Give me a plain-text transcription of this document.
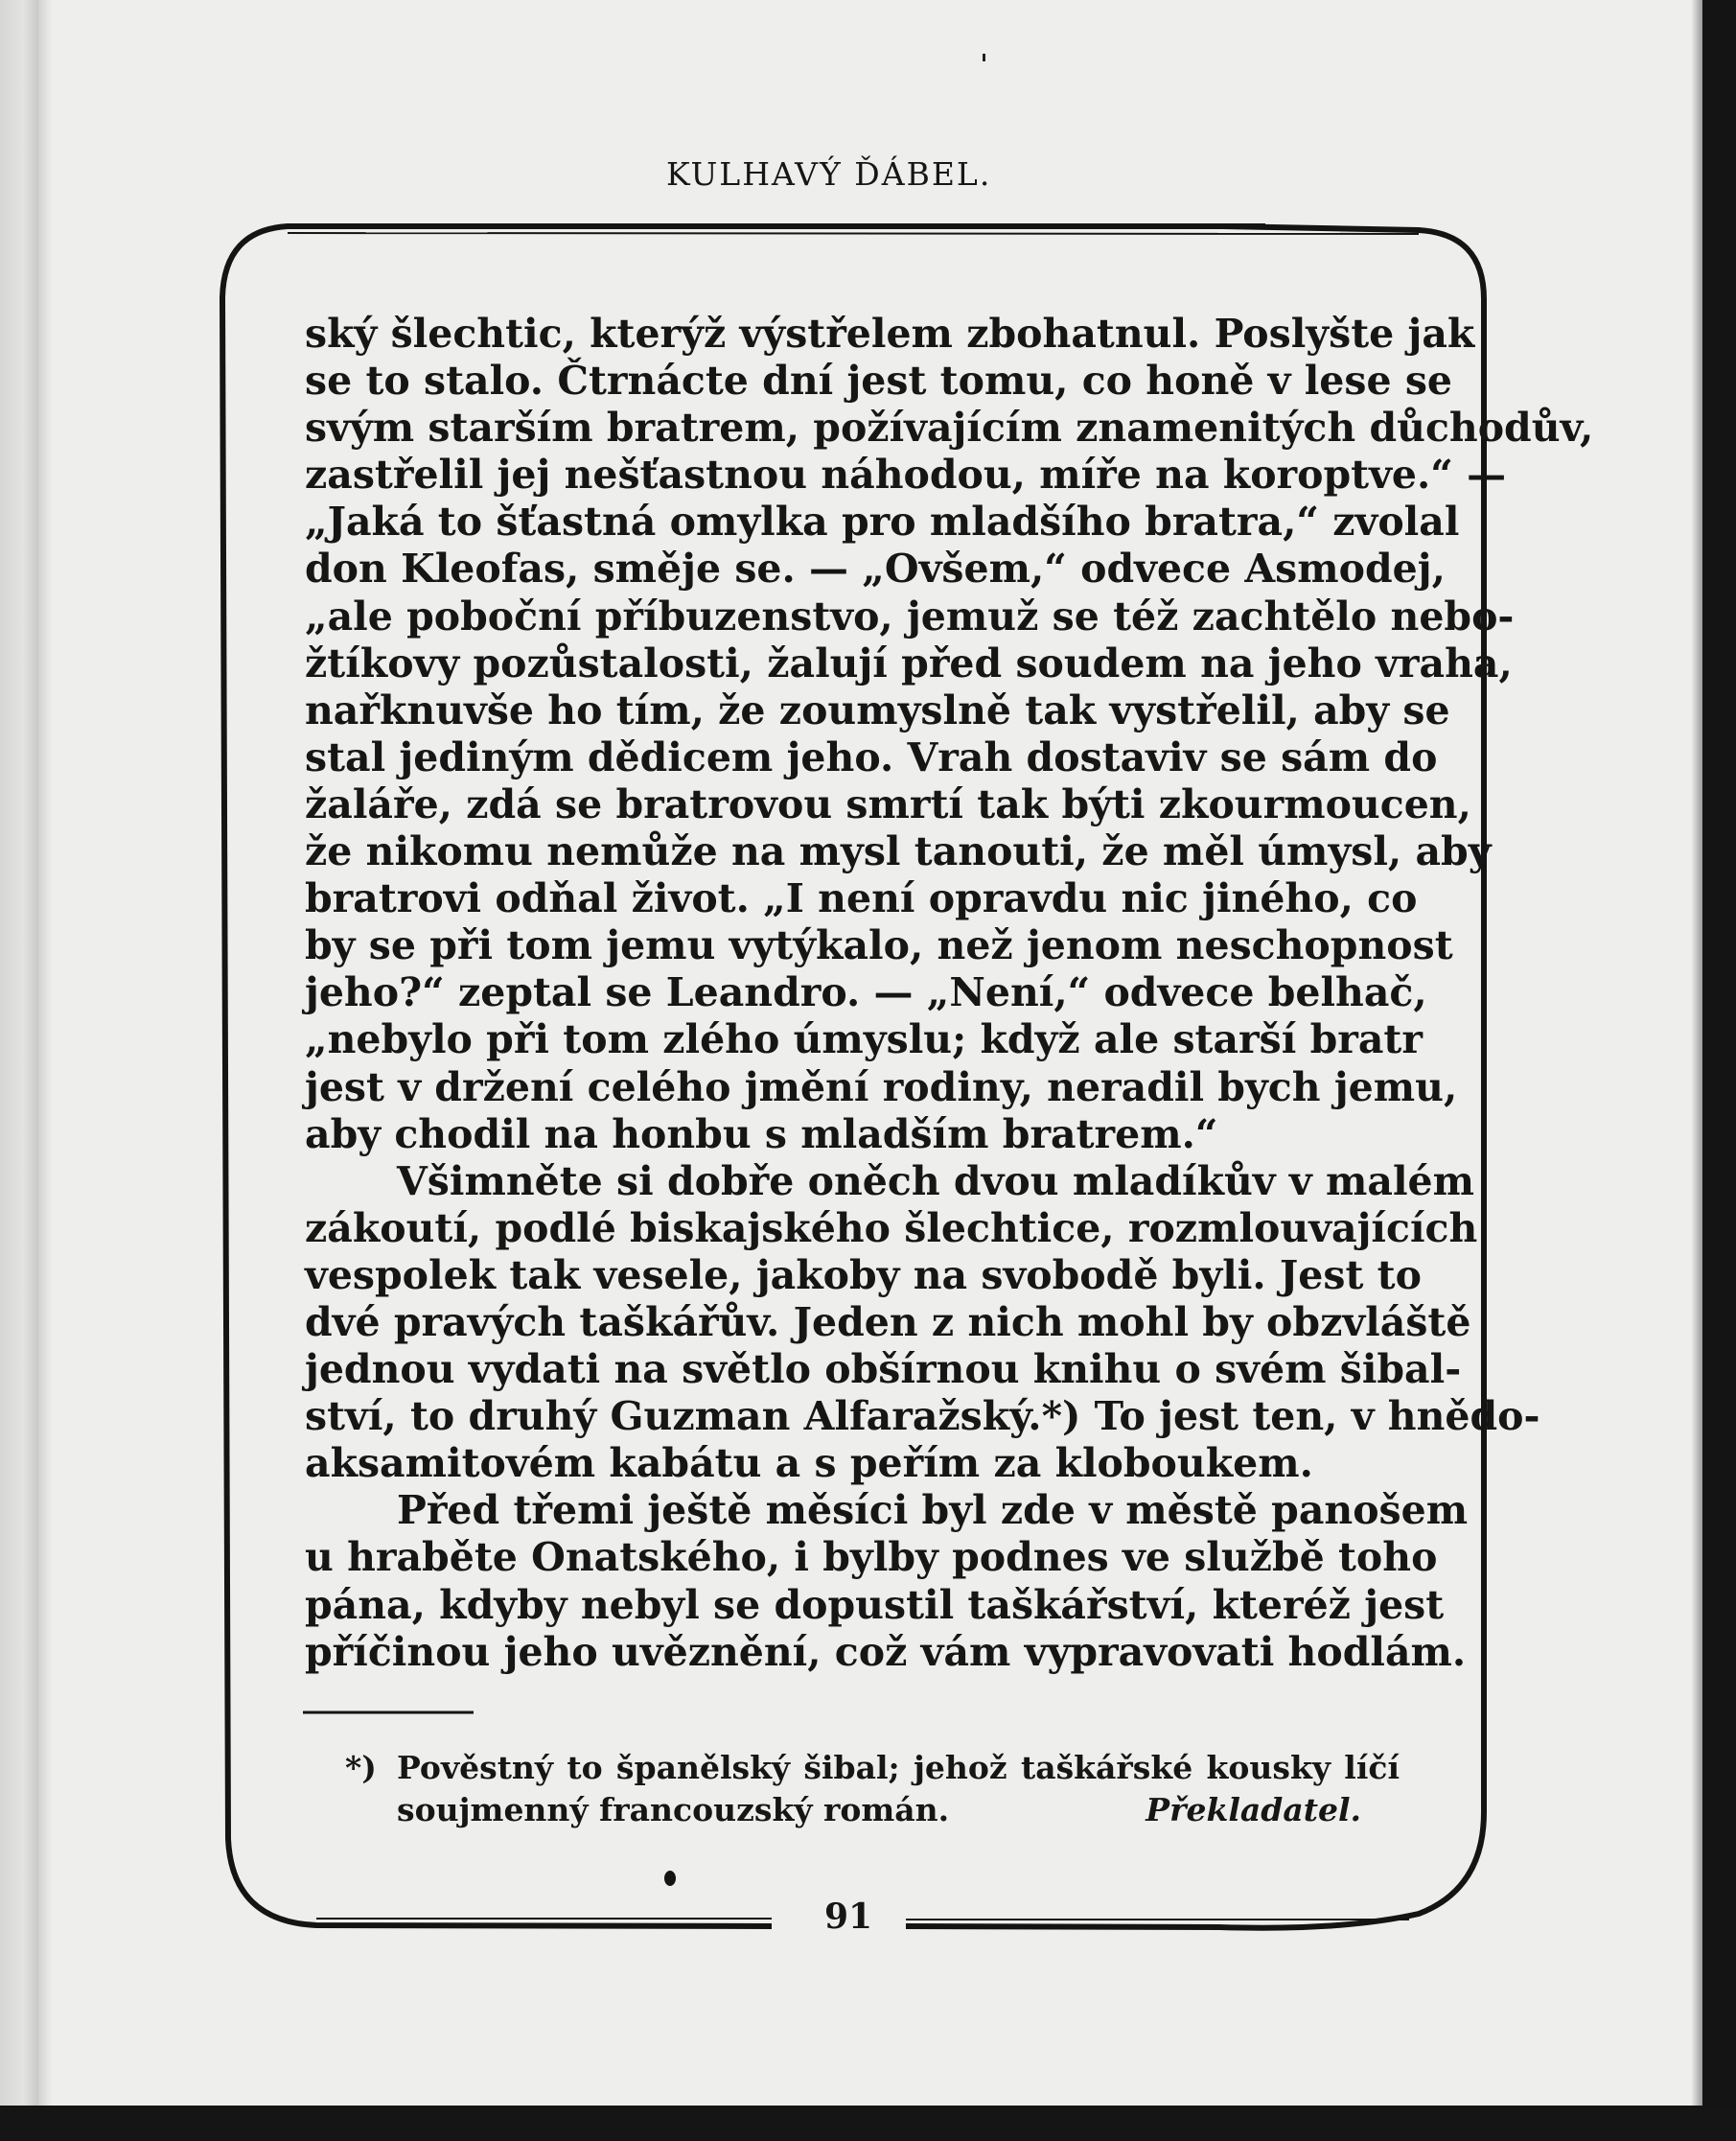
KULHAVÝ ĎÁBEL.
ský šlechtic, kterýž výstřelem zbohatnul. Poslyšte jak
se to stalo. Čtrnácte dní jest tomu, co honě v lese se
svým starším bratrem, požívajícím znamenitých důchodův,
zastřelil jej nešťastnou náhodou, míře na koroptve.“ —
„Jaká to šťastná omylka pro mladšího bratra,“ zvolal
don Kleofas, směje se. — „Ovšem,“ odvece Asmodej,
„ale poboční příbuzenstvo, jemuž se též zachtělo nebo-
žtíkovy pozůstalosti, žalují před soudem na jeho vraha,
nařknuvše ho tím, že zoumyslně tak vystřelil, aby se
stal jediným dědicem jeho. Vrah dostaviv se sám do
žaláře, zdá se bratrovou smrtí tak býti zkourmoucen,
že nikomu nemůže na mysl tanouti, že měl úmysl, aby
bratrovi odňal život. „I není opravdu nic jiného, co
by se při tom jemu vytýkalo, než jenom neschopnost
jeho?“ zeptal se Leandro. — „Není,“ odvece belhač,
„nebylo při tom zlého úmyslu; když ale starší bratr
jest v držení celého jmění rodiny, neradil bych jemu,
aby chodil na honbu s mladším bratrem.“
Všimněte si dobře oněch dvou mladíkův v malém
zákoutí, podlé biskajského šlechtice, rozmlouvajících
vespolek tak vesele, jakoby na svobodě byli. Jest to
dvé pravých taškářův. Jeden z nich mohl by obzvláště
jednou vydati na světlo obšírnou knihu o svém šibal-
ství, to druhý Guzman Alfaražský.*) To jest ten, v hnědo-
aksamitovém kabátu a s peřím za kloboukem.
Před třemi ještě měsíci byl zde v městě panošem
u hraběte Onatského, i bylby podnes ve službě toho
pána, kdyby nebyl se dopustil taškářství, kteréž jest
příčinou jeho uvěznění, což vám vypravovati hodlám.
*) Pověstný to španělský šibal; jehož taškářské kousky líčí
soujmenný francouzský román.	Překladatel.
91
